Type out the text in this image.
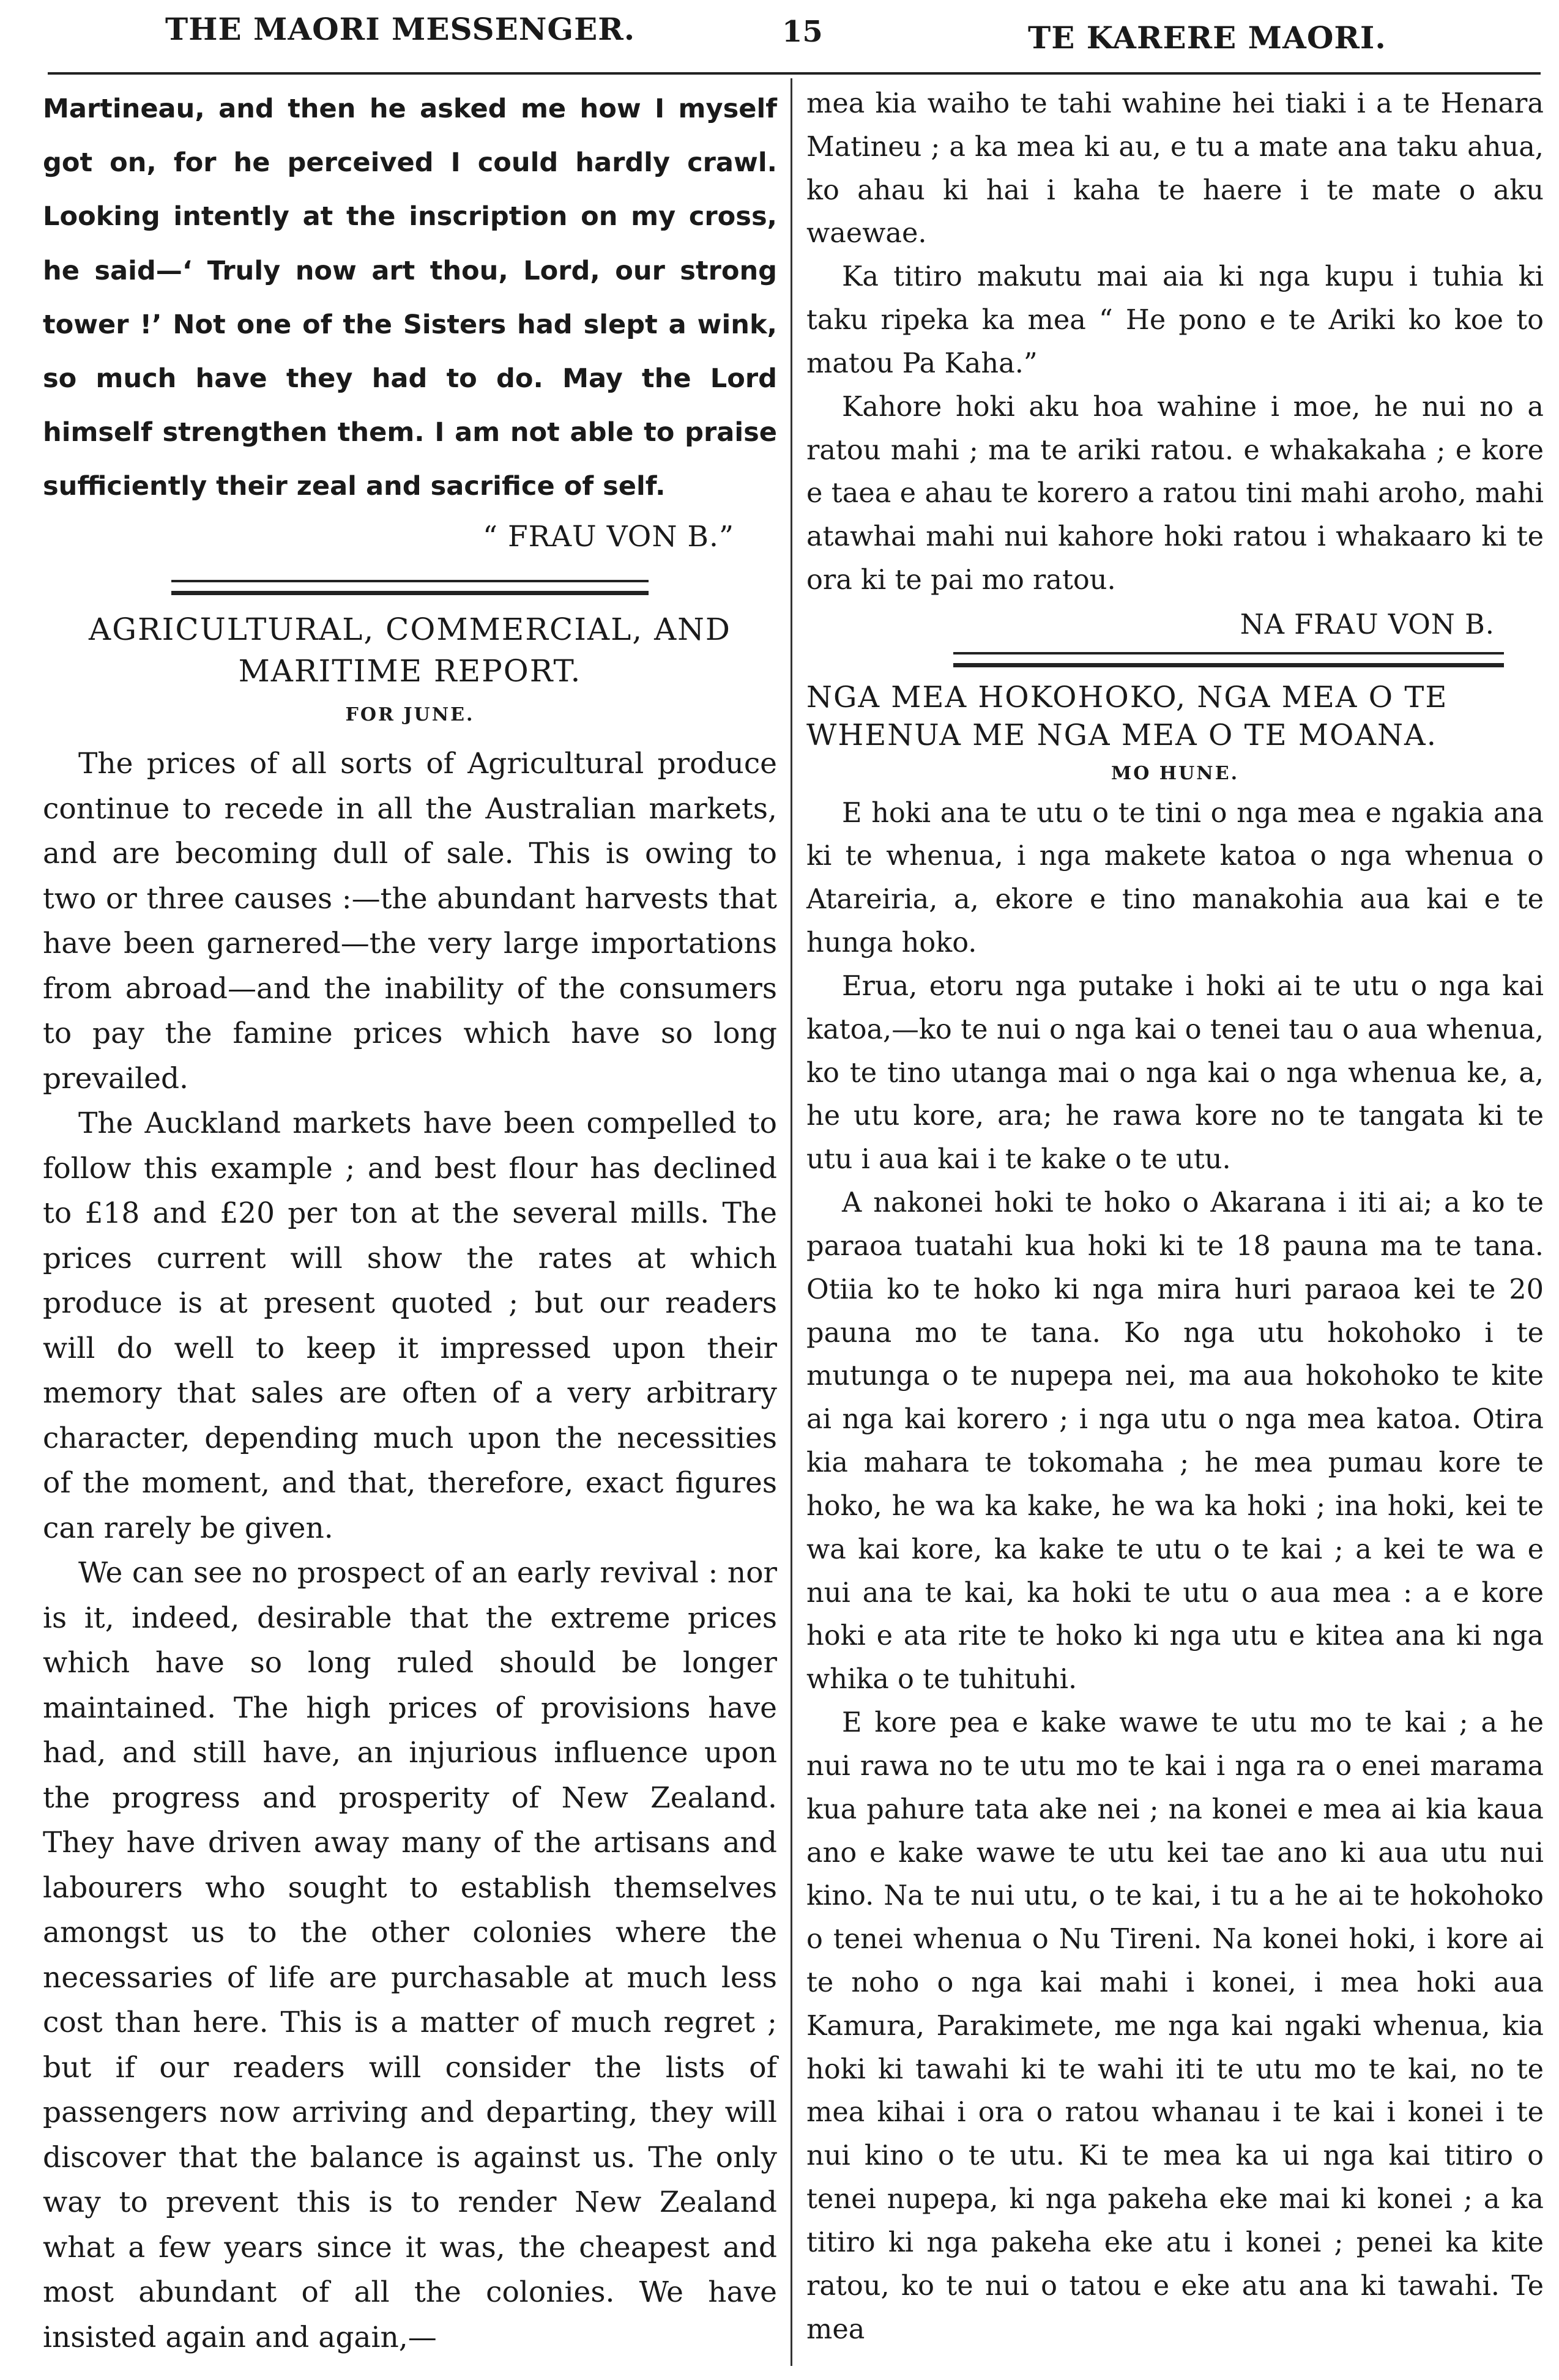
THE MAORI MESSENGER.	15	TE KARERE MAORI.

Martineau, and then he asked me how I myself got on, for he perceived I could hardly crawl. Looking intently at the inscription on my cross, he said—‘ Truly now art thou, Lord, our strong tower !’ Not one of the Sisters had slept a wink, so much have they had to do. May the Lord himself strengthen them. I am not able to praise sufficiently their zeal and sacrifice of self.

“ FRAU VON B.”

AGRICULTURAL, COMMERCIAL, AND MARITIME REPORT.
FOR JUNE.

The prices of all sorts of Agricultural produce continue to recede in all the Australian markets, and are becoming dull of sale. This is owing to two or three causes :—the abundant harvests that have been garnered—the very large importations from abroad—and the inability of the consumers to pay the famine prices which have so long prevailed.

The Auckland markets have been compelled to follow this example ; and best flour has declined to £18 and £20 per ton at the several mills. The prices current will show the rates at which produce is at present quoted ; but our readers will do well to keep it impressed upon their memory that sales are often of a very arbitrary character, depending much upon the necessities of the moment, and that, therefore, exact figures can rarely be given.

We can see no prospect of an early revival : nor is it, indeed, desirable that the extreme prices which have so long ruled should be longer maintained. The high prices of provisions have had, and still have, an injurious influence upon the progress and prosperity of New Zealand. They have driven away many of the artisans and labourers who sought to establish themselves amongst us to the other colonies where the necessaries of life are purchasable at much less cost than here. This is a matter of much regret ; but if our readers will consider the lists of passengers now arriving and departing, they will discover that the balance is against us. The only way to prevent this is to render New Zealand what a few years since it was, the cheapest and most abundant of all the colonies. We have insisted again and again,—

mea kia waiho te tahi wahine hei tiaki i a te Henara Matineu ; a ka mea ki au, e tu a mate ana taku ahua, ko ahau ki hai i kaha te haere i te mate o aku waewae.

Ka titiro makutu mai aia ki nga kupu i tuhia ki taku ripeka ka mea “ He pono e te Ariki ko koe to matou Pa Kaha.”

Kahore hoki aku hoa wahine i moe, he nui no a ratou mahi ; ma te ariki ratou. e whakakaha ; e kore e taea e ahau te korero a ratou tini mahi aroho, mahi atawhai mahi nui kahore hoki ratou i whakaaro ki te ora ki te pai mo ratou.

NA FRAU VON B.

NGA MEA HOKOHOKO, NGA MEA O TE WHENUA ME NGA MEA O TE MOANA.
MO HUNE.

E hoki ana te utu o te tini o nga mea e ngakia ana ki te whenua, i nga makete katoa o nga whenua o Atareiria, a, ekore e tino manakohia aua kai e te hunga hoko.

Erua, etoru nga putake i hoki ai te utu o nga kai katoa,—ko te nui o nga kai o tenei tau o aua whenua, ko te tino utanga mai o nga kai o nga whenua ke, a, he utu kore, ara; he rawa kore no te tangata ki te utu i aua kai i te kake o te utu.

A nakonei hoki te hoko o Akarana i iti ai; a ko te paraoa tuatahi kua hoki ki te 18 pauna ma te tana. Otiia ko te hoko ki nga mira huri paraoa kei te 20 pauna mo te tana. Ko nga utu hokohoko i te mutunga o te nupepa nei, ma aua hokohoko te kite ai nga kai korero ; i nga utu o nga mea katoa. Otira kia mahara te tokomaha ; he mea pumau kore te hoko, he wa ka kake, he wa ka hoki ; ina hoki, kei te wa kai kore, ka kake te utu o te kai ; a kei te wa e nui ana te kai, ka hoki te utu o aua mea : a e kore hoki e ata rite te hoko ki nga utu e kitea ana ki nga whika o te tuhituhi.

E kore pea e kake wawe te utu mo te kai ; a he nui rawa no te utu mo te kai i nga ra o enei marama kua pahure tata ake nei ; na konei e mea ai kia kaua ano e kake wawe te utu kei tae ano ki aua utu nui kino. Na te nui utu, o te kai, i tu a he ai te hokohoko o tenei whenua o Nu Tireni. Na konei hoki, i kore ai te noho o nga kai mahi i konei, i mea hoki aua Kamura, Parakimete, me nga kai ngaki whenua, kia hoki ki tawahi ki te wahi iti te utu mo te kai, no te mea kihai i ora o ratou whanau i te kai i konei i te nui kino o te utu. Ki te mea ka ui nga kai titiro o tenei nupepa, ki nga pakeha eke mai ki konei ; a ka titiro ki nga pakeha eke atu i konei ; penei ka kite ratou, ko te nui o tatou e eke atu ana ki tawahi. Te mea
